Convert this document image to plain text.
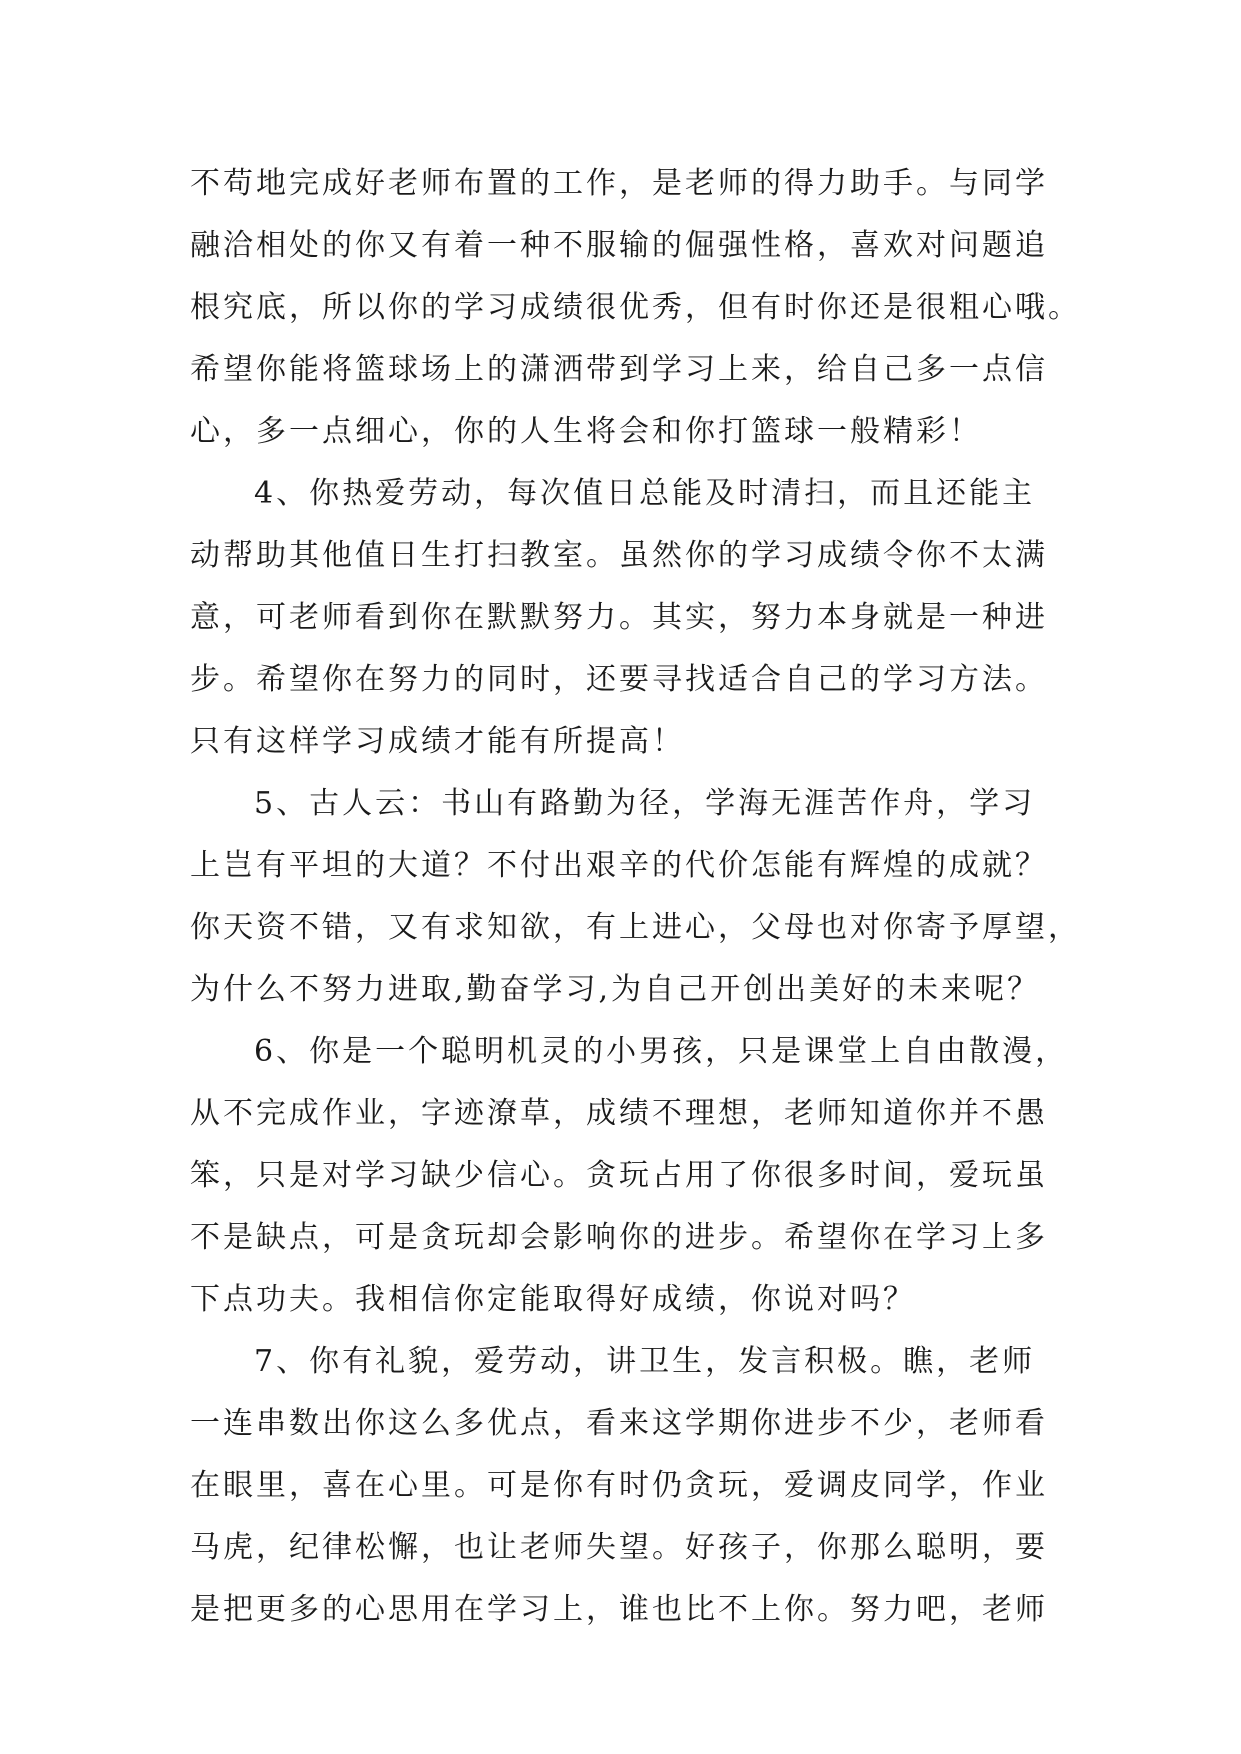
不苟地完成好老师布置的工作，是老师的得力助手。与同学
融洽相处的你又有着一种不服输的倔强性格，喜欢对问题追
根究底，所以你的学习成绩很优秀，但有时你还是很粗心哦。
希望你能将篮球场上的潇洒带到学习上来，给自己多一点信
心，多一点细心，你的人生将会和你打篮球一般精彩！
4、你热爱劳动，每次值日总能及时清扫，而且还能主
动帮助其他值日生打扫教室。虽然你的学习成绩令你不太满
意，可老师看到你在默默努力。其实，努力本身就是一种进
步。希望你在努力的同时，还要寻找适合自己的学习方法。
只有这样学习成绩才能有所提高！
5、古人云：书山有路勤为径，学海无涯苦作舟，学习
上岂有平坦的大道？不付出艰辛的代价怎能有辉煌的成就？
你天资不错，又有求知欲，有上进心，父母也对你寄予厚望，
为什么不努力进取,勤奋学习,为自己开创出美好的未来呢？
6、你是一个聪明机灵的小男孩，只是课堂上自由散漫，
从不完成作业，字迹潦草，成绩不理想，老师知道你并不愚
笨，只是对学习缺少信心。贪玩占用了你很多时间，爱玩虽
不是缺点，可是贪玩却会影响你的进步。希望你在学习上多
下点功夫。我相信你定能取得好成绩，你说对吗？
7、你有礼貌，爱劳动，讲卫生，发言积极。瞧，老师
一连串数出你这么多优点，看来这学期你进步不少，老师看
在眼里，喜在心里。可是你有时仍贪玩，爱调皮同学，作业
马虎，纪律松懈，也让老师失望。好孩子，你那么聪明，要
是把更多的心思用在学习上，谁也比不上你。努力吧，老师
